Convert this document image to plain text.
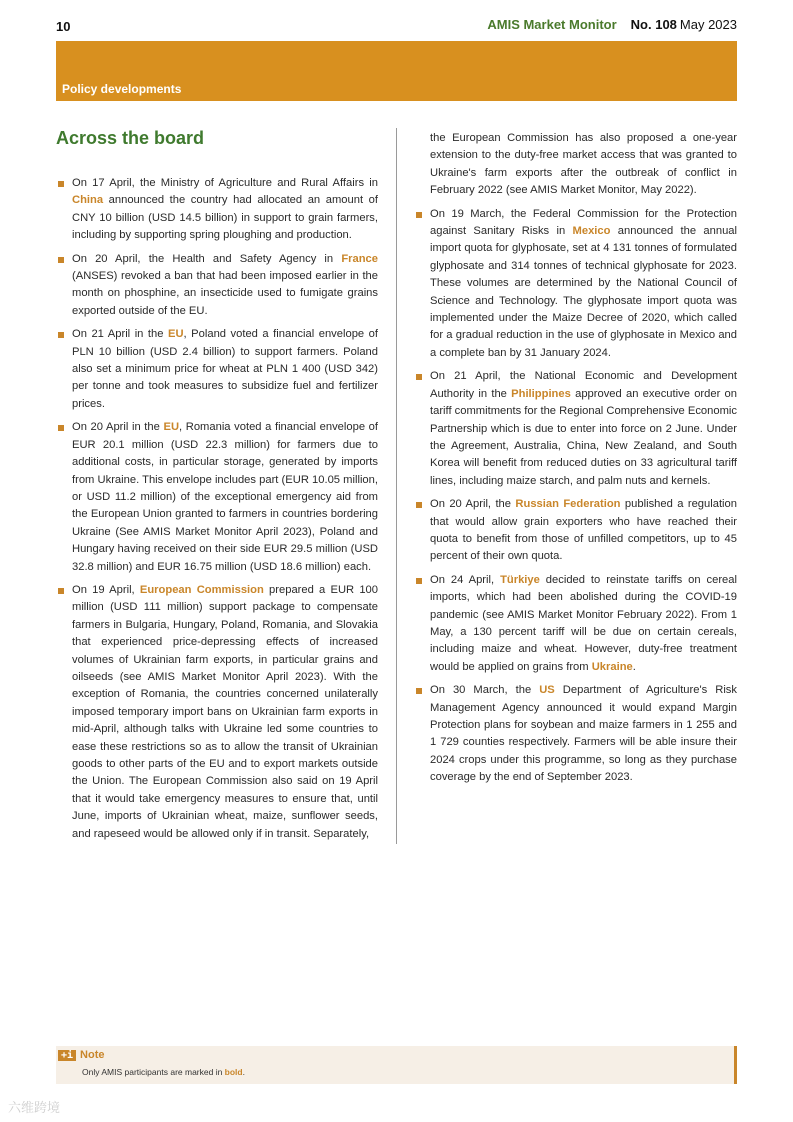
10	AMIS Market Monitor No. 108 May 2023
Policy developments
Across the board

On 17 April, the Ministry of Agriculture and Rural Affairs in China announced the country had allocated an amount of CNY 10 billion (USD 14.5 billion) in support to grain farmers, including by supporting spring ploughing and production.

On 20 April, the Health and Safety Agency in France (ANSES) revoked a ban that had been imposed earlier in the month on phosphine, an insecticide used to fumigate grains exported outside of the EU.

On 21 April in the EU, Poland voted a financial envelope of PLN 10 billion (USD 2.4 billion) to support farmers. Poland also set a minimum price for wheat at PLN 1 400 (USD 342) per tonne and took measures to subsidize fuel and fertilizer prices.

On 20 April in the EU, Romania voted a financial envelope of EUR 20.1 million (USD 22.3 million) for farmers due to additional costs, in particular storage, generated by imports from Ukraine. This envelope includes part (EUR 10.05 million, or USD 11.2 million) of the exceptional emergency aid from the European Union granted to farmers in countries bordering Ukraine (See AMIS Market Monitor April 2023), Poland and Hungary having received on their side EUR 29.5 million (USD 32.8 million) and EUR 16.75 million (USD 18.6 million) each.

On 19 April, European Commission prepared a EUR 100 million (USD 111 million) support package to compensate farmers in Bulgaria, Hungary, Poland, Romania, and Slovakia that experienced price-depressing effects of increased volumes of Ukrainian farm exports, in particular grains and oilseeds (see AMIS Market Monitor April 2023). With the exception of Romania, the countries concerned unilaterally imposed temporary import bans on Ukrainian farm exports in mid-April, although talks with Ukraine led some countries to ease these restrictions so as to allow the transit of Ukrainian goods to other parts of the EU and to export markets outside the Union. The European Commission also said on 19 April that it would take emergency measures to ensure that, until June, imports of Ukrainian wheat, maize, sunflower seeds, and rapeseed would be allowed only if in transit. Separately,

the European Commission has also proposed a one-year extension to the duty-free market access that was granted to Ukraine's farm exports after the outbreak of conflict in February 2022 (see AMIS Market Monitor, May 2022).

On 19 March, the Federal Commission for the Protection against Sanitary Risks in Mexico announced the annual import quota for glyphosate, set at 4 131 tonnes of formulated glyphosate and 314 tonnes of technical glyphosate for 2023. These volumes are determined by the National Council of Science and Technology. The glyphosate import quota was implemented under the Maize Decree of 2020, which called for a gradual reduction in the use of glyphosate in Mexico and a complete ban by 31 January 2024.

On 21 April, the National Economic and Development Authority in the Philippines approved an executive order on tariff commitments for the Regional Comprehensive Economic Partnership which is due to enter into force on 2 June. Under the Agreement, Australia, China, New Zealand, and South Korea will benefit from reduced duties on 33 agricultural tariff lines, including maize starch, and palm nuts and kernels.

On 20 April, the Russian Federation published a regulation that would allow grain exporters who have reached their quota to benefit from those of unfilled competitors, up to 45 percent of their own quota.

On 24 April, Türkiye decided to reinstate tariffs on cereal imports, which had been abolished during the COVID-19 pandemic (see AMIS Market Monitor February 2022). From 1 May, a 130 percent tariff will be due on certain cereals, including maize and wheat. However, duty-free treatment would be applied on grains from Ukraine.

On 30 March, the US Department of Agriculture's Risk Management Agency announced it would expand Margin Protection plans for soybean and maize farmers in 1 255 and 1 729 counties respectively. Farmers will be able insure their 2024 crops under this programme, so long as they purchase coverage by the end of September 2023.

+i Note
Only AMIS participants are marked in bold.
六维跨境
